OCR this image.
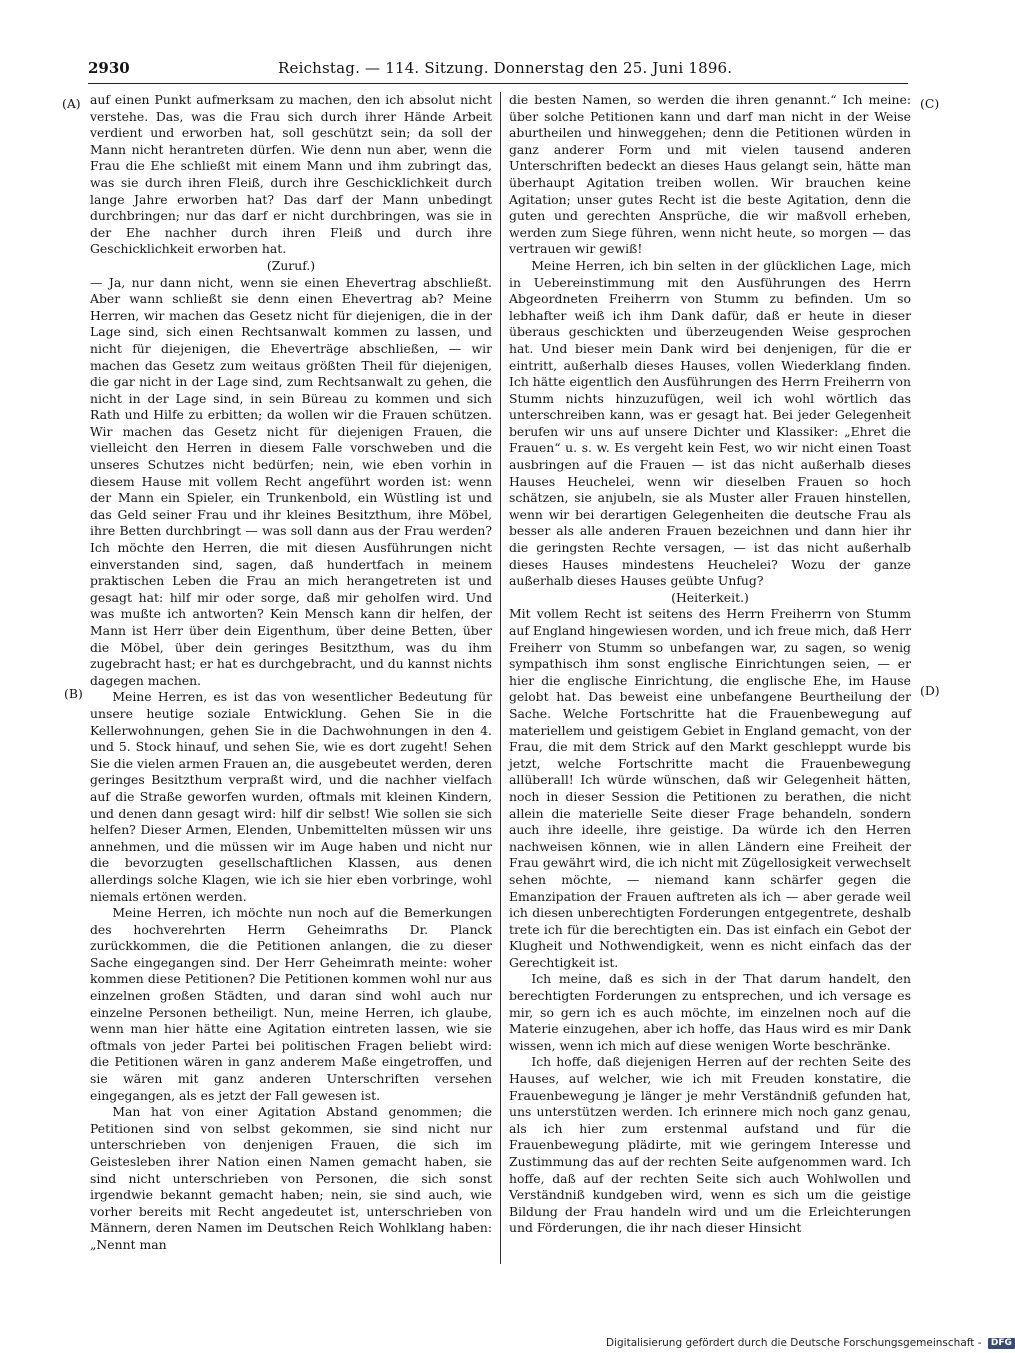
2930	Reichstag. — 114. Sitzung. Donnerstag den 25. Juni 1896.
(A)
(B)
(C)
(D)

auf einen Punkt aufmerksam zu machen, den ich absolut nicht verstehe. Das, was die Frau sich durch ihrer Hände Arbeit verdient und erworben hat, soll geschützt sein; da soll der Mann nicht herantreten dürfen. Wie denn nun aber, wenn die Frau die Ehe schließt mit einem Mann und ihm zubringt das, was sie durch ihren Fleiß, durch ihre Geschicklichkeit durch lange Jahre erworben hat? Das darf der Mann unbedingt durchbringen; nur das darf er nicht durchbringen, was sie in der Ehe nachher durch ihren Fleiß und durch ihre Geschicklichkeit erworben hat.

(Zuruf.)

— Ja, nur dann nicht, wenn sie einen Ehevertrag abschließt. Aber wann schließt sie denn einen Ehevertrag ab? Meine Herren, wir machen das Gesetz nicht für diejenigen, die in der Lage sind, sich einen Rechtsanwalt kommen zu lassen, und nicht für diejenigen, die Eheverträge abschließen, — wir machen das Gesetz zum weitaus größten Theil für diejenigen, die gar nicht in der Lage sind, zum Rechtsanwalt zu gehen, die nicht in der Lage sind, in sein Büreau zu kommen und sich Rath und Hilfe zu erbitten; da wollen wir die Frauen schützen. Wir machen das Gesetz nicht für diejenigen Frauen, die vielleicht den Herren in diesem Falle vorschweben und die unseres Schutzes nicht bedürfen; nein, wie eben vorhin in diesem Hause mit vollem Recht angeführt worden ist: wenn der Mann ein Spieler, ein Trunkenbold, ein Wüstling ist und das Geld seiner Frau und ihr kleines Besitzthum, ihre Möbel, ihre Betten durchbringt — was soll dann aus der Frau werden? Ich möchte den Herren, die mit diesen Ausführungen nicht einverstanden sind, sagen, daß hundertfach in meinem praktischen Leben die Frau an mich herangetreten ist und gesagt hat: hilf mir oder sorge, daß mir geholfen wird. Und was mußte ich antworten? Kein Mensch kann dir helfen, der Mann ist Herr über dein Eigenthum, über deine Betten, über die Möbel, über dein geringes Besitzthum, was du ihm zugebracht hast; er hat es durchgebracht, und du kannst nichts dagegen machen.

Meine Herren, es ist das von wesentlicher Bedeutung für unsere heutige soziale Entwicklung. Gehen Sie in die Kellerwohnungen, gehen Sie in die Dachwohnungen in den 4. und 5. Stock hinauf, und sehen Sie, wie es dort zugeht! Sehen Sie die vielen armen Frauen an, die ausgebeutet werden, deren geringes Besitzthum verpraßt wird, und die nachher vielfach auf die Straße geworfen wurden, oftmals mit kleinen Kindern, und denen dann gesagt wird: hilf dir selbst! Wie sollen sie sich helfen? Dieser Armen, Elenden, Unbemittelten müssen wir uns annehmen, und die müssen wir im Auge haben und nicht nur die bevorzugten gesellschaftlichen Klassen, aus denen allerdings solche Klagen, wie ich sie hier eben vorbringe, wohl niemals ertönen werden.

Meine Herren, ich möchte nun noch auf die Bemerkungen des hochverehrten Herrn Geheimraths Dr. Planck zurückkommen, die die Petitionen anlangen, die zu dieser Sache eingegangen sind. Der Herr Geheimrath meinte: woher kommen diese Petitionen? Die Petitionen kommen wohl nur aus einzelnen großen Städten, und daran sind wohl auch nur einzelne Personen betheiligt. Nun, meine Herren, ich glaube, wenn man hier hätte eine Agitation eintreten lassen, wie sie oftmals von jeder Partei bei politischen Fragen beliebt wird: die Petitionen wären in ganz anderem Maße eingetroffen, und sie wären mit ganz anderen Unterschriften versehen eingegangen, als es jetzt der Fall gewesen ist.

Man hat von einer Agitation Abstand genommen; die Petitionen sind von selbst gekommen, sie sind nicht nur unterschrieben von denjenigen Frauen, die sich im Geistesleben ihrer Nation einen Namen gemacht haben, sie sind nicht unterschrieben von Personen, die sich sonst irgendwie bekannt gemacht haben; nein, sie sind auch, wie vorher bereits mit Recht angedeutet ist, unterschrieben von Männern, deren Namen im Deutschen Reich Wohlklang haben: „Nennt man

die besten Namen, so werden die ihren genannt.“ Ich meine: über solche Petitionen kann und darf man nicht in der Weise aburtheilen und hinweggehen; denn die Petitionen würden in ganz anderer Form und mit vielen tausend anderen Unterschriften bedeckt an dieses Haus gelangt sein, hätte man überhaupt Agitation treiben wollen. Wir brauchen keine Agitation; unser gutes Recht ist die beste Agitation, denn die guten und gerechten Ansprüche, die wir maßvoll erheben, werden zum Siege führen, wenn nicht heute, so morgen — das vertrauen wir gewiß!

Meine Herren, ich bin selten in der glücklichen Lage, mich in Uebereinstimmung mit den Ausführungen des Herrn Abgeordneten Freiherrn von Stumm zu befinden. Um so lebhafter weiß ich ihm Dank dafür, daß er heute in dieser überaus geschickten und überzeugenden Weise gesprochen hat. Und bieser mein Dank wird bei denjenigen, für die er eintritt, außerhalb dieses Hauses, vollen Wiederklang finden. Ich hätte eigentlich den Ausführungen des Herrn Freiherrn von Stumm nichts hinzuzufügen, weil ich wohl wörtlich das unterschreiben kann, was er gesagt hat. Bei jeder Gelegenheit berufen wir uns auf unsere Dichter und Klassiker: „Ehret die Frauen“ u. s. w. Es vergeht kein Fest, wo wir nicht einen Toast ausbringen auf die Frauen — ist das nicht außerhalb dieses Hauses Heuchelei, wenn wir dieselben Frauen so hoch schätzen, sie anjubeln, sie als Muster aller Frauen hinstellen, wenn wir bei derartigen Gelegenheiten die deutsche Frau als besser als alle anderen Frauen bezeichnen und dann hier ihr die geringsten Rechte versagen, — ist das nicht außerhalb dieses Hauses mindestens Heuchelei? Wozu der ganze außerhalb dieses Hauses geübte Unfug?

(Heiterkeit.)

Mit vollem Recht ist seitens des Herrn Freiherrn von Stumm auf England hingewiesen worden, und ich freue mich, daß Herr Freiherr von Stumm so unbefangen war, zu sagen, so wenig sympathisch ihm sonst englische Einrichtungen seien, — er hier die englische Einrichtung, die englische Ehe, im Hause gelobt hat. Das beweist eine unbefangene Beurtheilung der Sache. Welche Fortschritte hat die Frauenbewegung auf materiellem und geistigem Gebiet in England gemacht, von der Frau, die mit dem Strick auf den Markt geschleppt wurde bis jetzt, welche Fortschritte macht die Frauenbewegung allüberall! Ich würde wünschen, daß wir Gelegenheit hätten, noch in dieser Session die Petitionen zu berathen, die nicht allein die materielle Seite dieser Frage behandeln, sondern auch ihre ideelle, ihre geistige. Da würde ich den Herren nachweisen können, wie in allen Ländern eine Freiheit der Frau gewährt wird, die ich nicht mit Zügellosigkeit verwechselt sehen möchte, — niemand kann schärfer gegen die Emanzipation der Frauen auftreten als ich — aber gerade weil ich diesen unberechtigten Forderungen entgegentrete, deshalb trete ich für die berechtigten ein. Das ist einfach ein Gebot der Klugheit und Nothwendigkeit, wenn es nicht einfach das der Gerechtigkeit ist.

Ich meine, daß es sich in der That darum handelt, den berechtigten Forderungen zu entsprechen, und ich versage es mir, so gern ich es auch möchte, im einzelnen noch auf die Materie einzugehen, aber ich hoffe, das Haus wird es mir Dank wissen, wenn ich mich auf diese wenigen Worte beschränke.

Ich hoffe, daß diejenigen Herren auf der rechten Seite des Hauses, auf welcher, wie ich mit Freuden konstatire, die Frauenbewegung je länger je mehr Verständniß gefunden hat, uns unterstützen werden. Ich erinnere mich noch ganz genau, als ich hier zum erstenmal aufstand und für die Frauenbewegung plädirte, mit wie geringem Interesse und Zustimmung das auf der rechten Seite aufgenommen ward. Ich hoffe, daß auf der rechten Seite sich auch Wohlwollen und Verständniß kundgeben wird, wenn es sich um die geistige Bildung der Frau handeln wird und um die Erleichterungen und Förderungen, die ihr nach dieser Hinsicht

Digitalisierung gefördert durch die Deutsche Forschungsgemeinschaft - DFG
